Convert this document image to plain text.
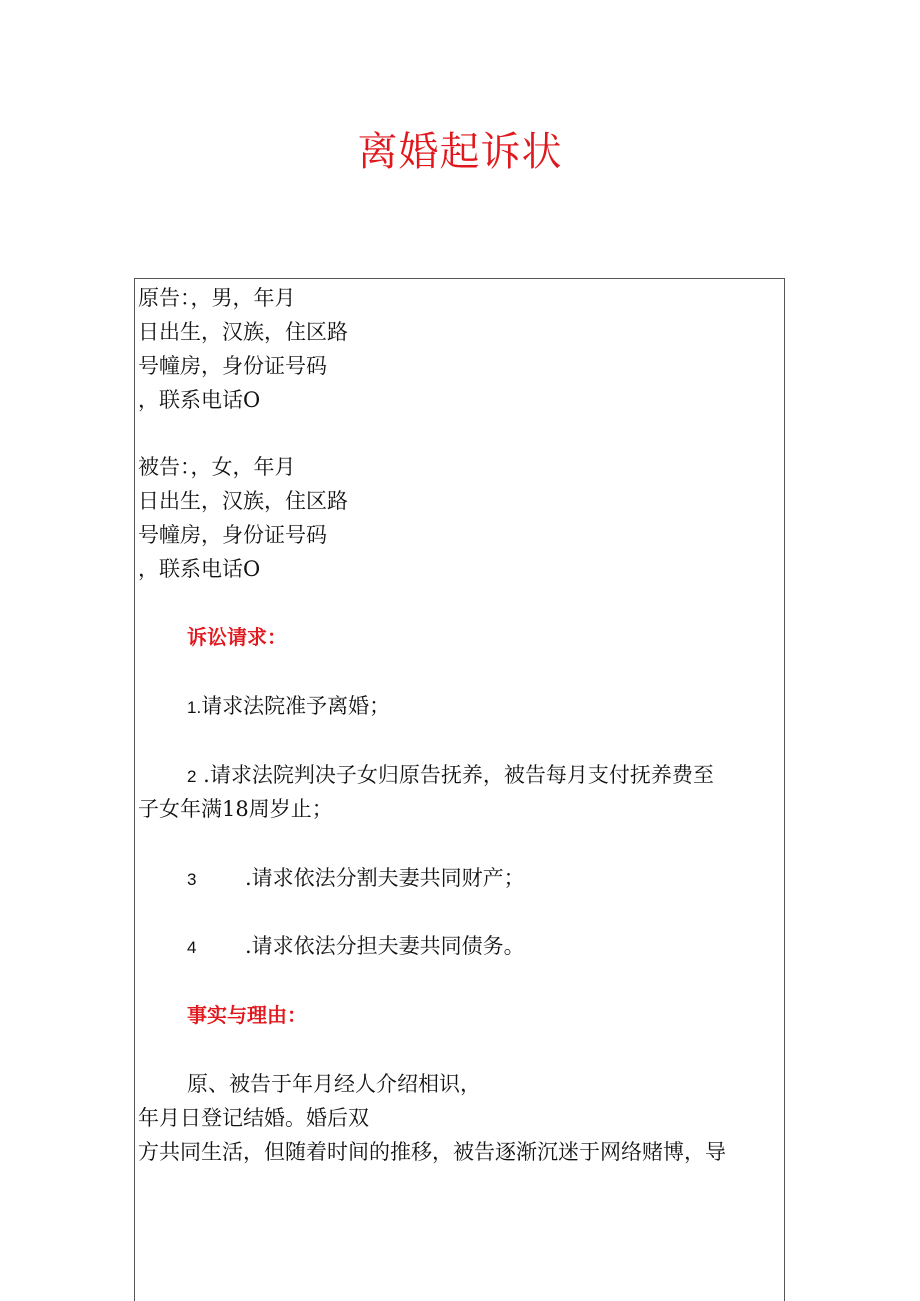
离婚起诉状
原告：，男，年月
日出生，汉族，住区路
号幢房，身份证号码
，联系电话O
被告：，女，年月
日出生，汉族，住区路
号幢房，身份证号码
，联系电话O
诉讼请求：
1.请求法院准予离婚；
2 .请求法院判决子女归原告抚养，被告每月支付抚养费至
子女年满18周岁止；
3 .请求依法分割夫妻共同财产；
4 .请求依法分担夫妻共同债务。
事实与理由：
原、被告于年月经人介绍相识，
年月日登记结婚。婚后双
方共同生活，但随着时间的推移，被告逐渐沉迷于网络赌博，导
